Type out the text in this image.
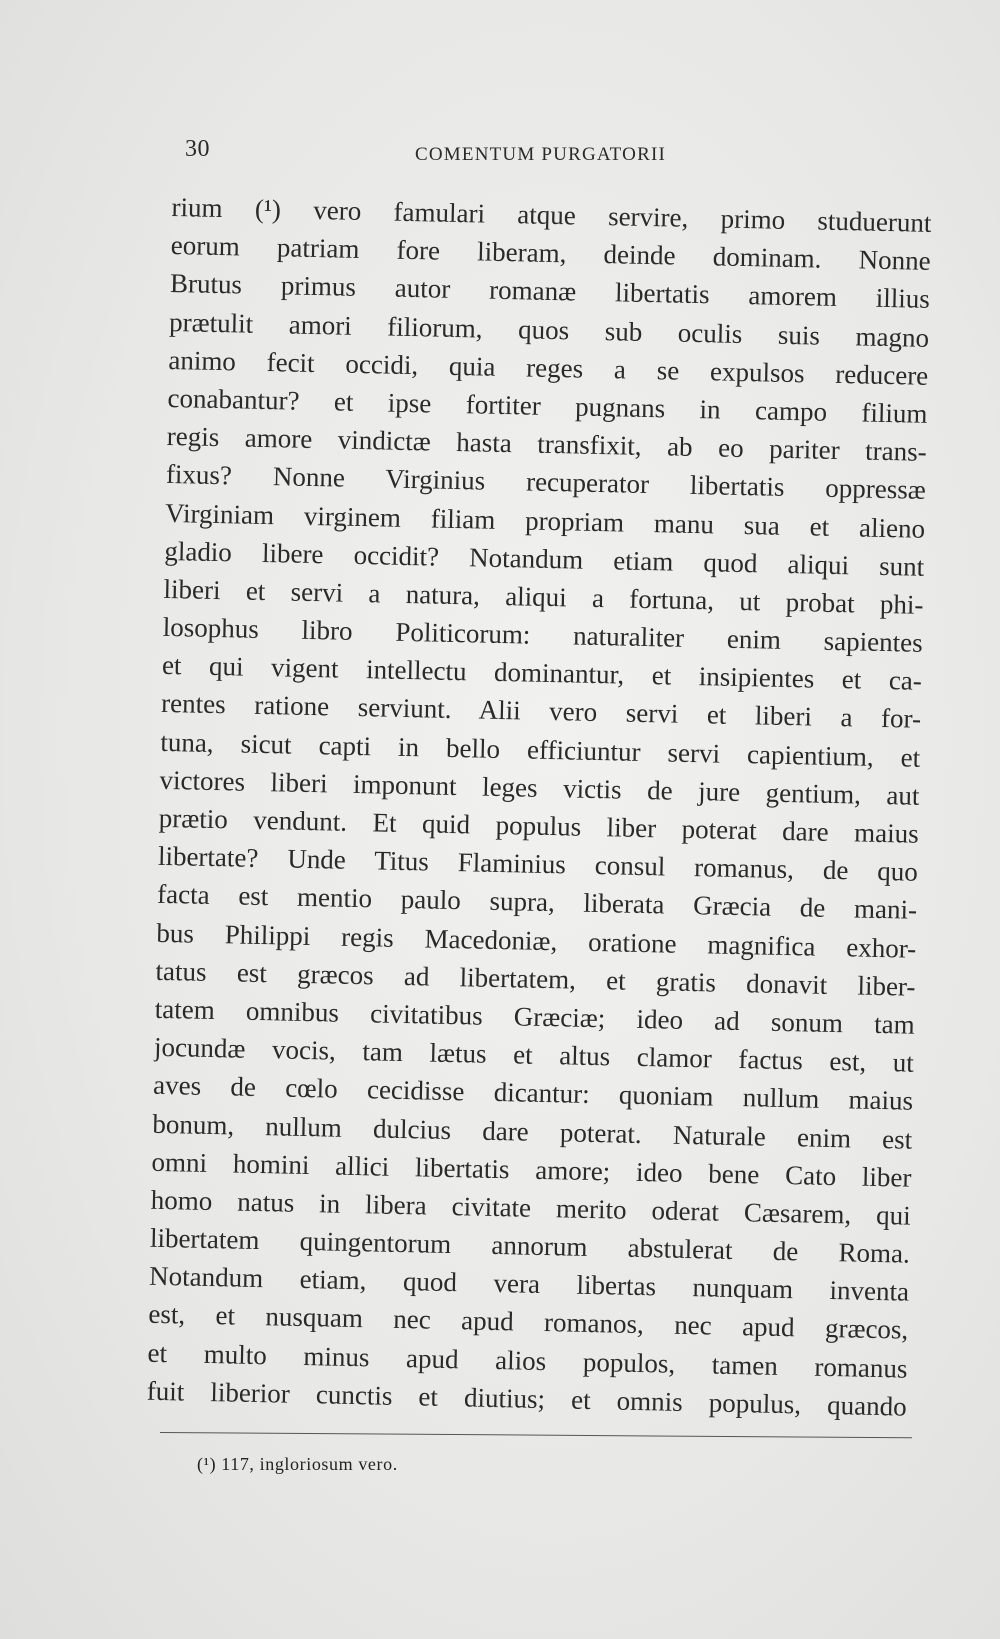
30	COMENTUM PURGATORII
rium (¹) vero famulari atque servire, primo studuerunt
eorum patriam fore liberam, deinde dominam. Nonne
Brutus primus autor romanæ libertatis amorem illius
prætulit amori filiorum, quos sub oculis suis magno
animo fecit occidi, quia reges a se expulsos reducere
conabantur? et ipse fortiter pugnans in campo filium
regis amore vindictæ hasta transfixit, ab eo pariter trans-
fixus? Nonne Virginius recuperator libertatis oppressæ
Virginiam virginem filiam propriam manu sua et alieno
gladio libere occidit? Notandum etiam quod aliqui sunt
liberi et servi a natura, aliqui a fortuna, ut probat phi-
losophus libro Politicorum: naturaliter enim sapientes
et qui vigent intellectu dominantur, et insipientes et ca-
rentes ratione serviunt. Alii vero servi et liberi a for-
tuna, sicut capti in bello efficiuntur servi capientium, et
victores liberi imponunt leges victis de jure gentium, aut
prætio vendunt. Et quid populus liber poterat dare maius
libertate? Unde Titus Flaminius consul romanus, de quo
facta est mentio paulo supra, liberata Græcia de mani-
bus Philippi regis Macedoniæ, oratione magnifica exhor-
tatus est græcos ad libertatem, et gratis donavit liber-
tatem omnibus civitatibus Græciæ; ideo ad sonum tam
jocundæ vocis, tam lætus et altus clamor factus est, ut
aves de cœlo cecidisse dicantur: quoniam nullum maius
bonum, nullum dulcius dare poterat. Naturale enim est
omni homini allici libertatis amore; ideo bene Cato liber
homo natus in libera civitate merito oderat Cæsarem, qui
libertatem quingentorum annorum abstulerat de Roma.
Notandum etiam, quod vera libertas nunquam inventa
est, et nusquam nec apud romanos, nec apud græcos,
et multo minus apud alios populos, tamen romanus
fuit liberior cunctis et diutius; et omnis populus, quando
(¹) 117, ingloriosum vero.
